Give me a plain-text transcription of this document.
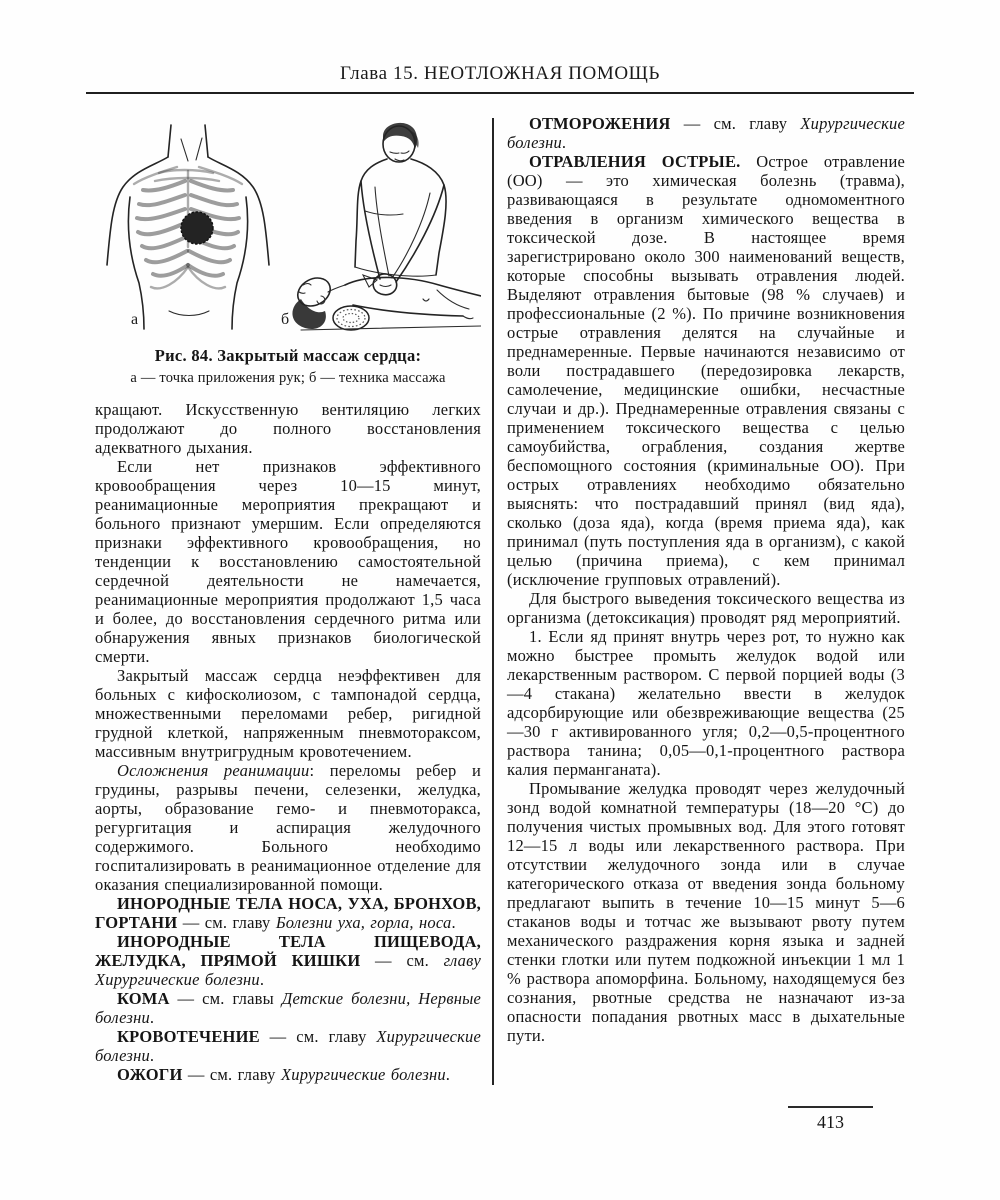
Глава 15. НЕОТЛОЖНАЯ ПОМОЩЬ
а	б
Рис. 84. Закрытый массаж сердца:
а — точка приложения рук; б — техника массажа

кращают. Искусственную вентиляцию легких продолжают до полного восстановления адекватного дыхания.

Если нет признаков эффективного кровообращения через 10—15 минут, реанимационные мероприятия прекращают и больного признают умершим. Если определяются признаки эффективного кровообращения, но тенденции к восстановлению самостоятельной сердечной деятельности не намечается, реанимационные мероприятия продолжают 1,5 часа и более, до восстановления сердечного ритма или обнаружения явных признаков биологической смерти.

Закрытый массаж сердца неэффективен для больных с кифосколиозом, с тампонадой сердца, множественными переломами ребер, ригидной грудной клеткой, напряженным пневмотораксом, массивным внутригрудным кровотечением.

Осложнения реанимации: переломы ребер и грудины, разрывы печени, селезенки, желудка, аорты, образование гемо- и пневмоторакса, регургитация и аспирация желудочного содержимого. Больного необходимо госпитализировать в реанимационное отделение для оказания специализированной помощи.

ИНОРОДНЫЕ ТЕЛА НОСА, УХА, БРОНХОВ, ГОРТАНИ — см. главу Болезни уха, горла, носа.

ИНОРОДНЫЕ ТЕЛА ПИЩЕВОДА, ЖЕЛУДКА, ПРЯМОЙ КИШКИ — см. главу Хирургические болезни.

КОМА — см. главы Детские болезни, Нервные болезни.

КРОВОТЕЧЕНИЕ — см. главу Хирургические болезни.

ОЖОГИ — см. главу Хирургические болезни.

ОТМОРОЖЕНИЯ — см. главу Хирургические болезни.

ОТРАВЛЕНИЯ ОСТРЫЕ. Острое отравление (ОО) — это химическая болезнь (травма), развивающаяся в результате одномоментного введения в организм химического вещества в токсической дозе. В настоящее время зарегистрировано около 300 наименований веществ, которые способны вызывать отравления людей. Выделяют отравления бытовые (98 % случаев) и профессиональные (2 %). По причине возникновения острые отравления делятся на случайные и преднамеренные. Первые начинаются независимо от воли пострадавшего (передозировка лекарств, самолечение, медицинские ошибки, несчастные случаи и др.). Преднамеренные отравления связаны с применением токсического вещества с целью самоубийства, ограбления, создания жертве беспомощного состояния (криминальные ОО). При острых отравлениях необходимо обязательно выяснять: что пострадавший принял (вид яда), сколько (доза яда), когда (время приема яда), как принимал (путь поступления яда в организм), с какой целью (причина приема), с кем принимал (исключение групповых отравлений).

Для быстрого выведения токсического вещества из организма (детоксикация) проводят ряд мероприятий.

1. Если яд принят внутрь через рот, то нужно как можно быстрее промыть желудок водой или лекарственным раствором. С первой порцией воды (3—4 стакана) желательно ввести в желудок адсорбирующие или обезвреживающие вещества (25—30 г активированного угля; 0,2—0,5-процентного раствора танина; 0,05—0,1-процентного раствора калия перманганата).

Промывание желудка проводят через желудочный зонд водой комнатной температуры (18—20 °C) до получения чистых промывных вод. Для этого готовят 12—15 л воды или лекарственного раствора. При отсутствии желудочного зонда или в случае категорического отказа от введения зонда больному предлагают выпить в течение 10—15 минут 5—6 стаканов воды и тотчас же вызывают рвоту путем механического раздражения корня языка и задней стенки глотки или путем подкожной инъекции 1 мл 1 % раствора апоморфина. Больному, находящемуся без сознания, рвотные средства не назначают из-за опасности попадания рвотных масс в дыхательные пути.

413
